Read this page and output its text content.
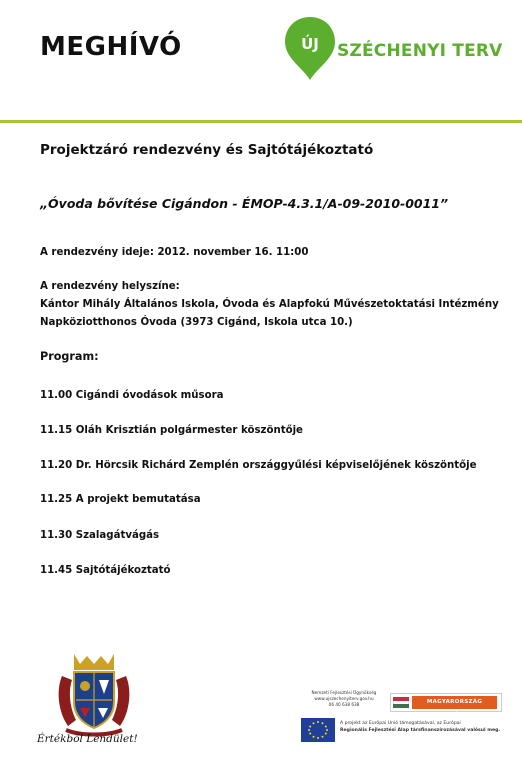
MEGHÍVÓ	ÚJ SZÉCHENYI TERV
Projektzáró rendezvény és Sajtótájékoztató
„Óvoda bővítése Cigándon - ÉMOP-4.3.1/A-09-2010-0011”
A rendezvény ideje: 2012. november 16. 11:00
A rendezvény helyszíne:
Kántor Mihály Általános Iskola, Óvoda és Alapfokú Művészetoktatási Intézmény
Napköziotthonos Óvoda (3973 Cigánd, Iskola utca 10.)
Program:
11.00 Cigándi óvodások műsora
11.15 Oláh Krisztián polgármester köszöntője
11.20 Dr. Hörcsik Richárd Zemplén országgyűlési képviselőjének köszöntője
11.25 A projekt bemutatása
11.30 Szalagátvágás
11.45 Sajtótájékoztató
Értékből Lendület!
Nemzeti Fejlesztési Ügynökség
www.ujszechenyiterv.gov.hu
06 40 638 638	MAGYARORSZÁG MEGÚJUL
A projekt az Európai Unió támogatásával, az Európai
Regionális Fejlesztési Alap társfinanszírozásával valósul meg.
